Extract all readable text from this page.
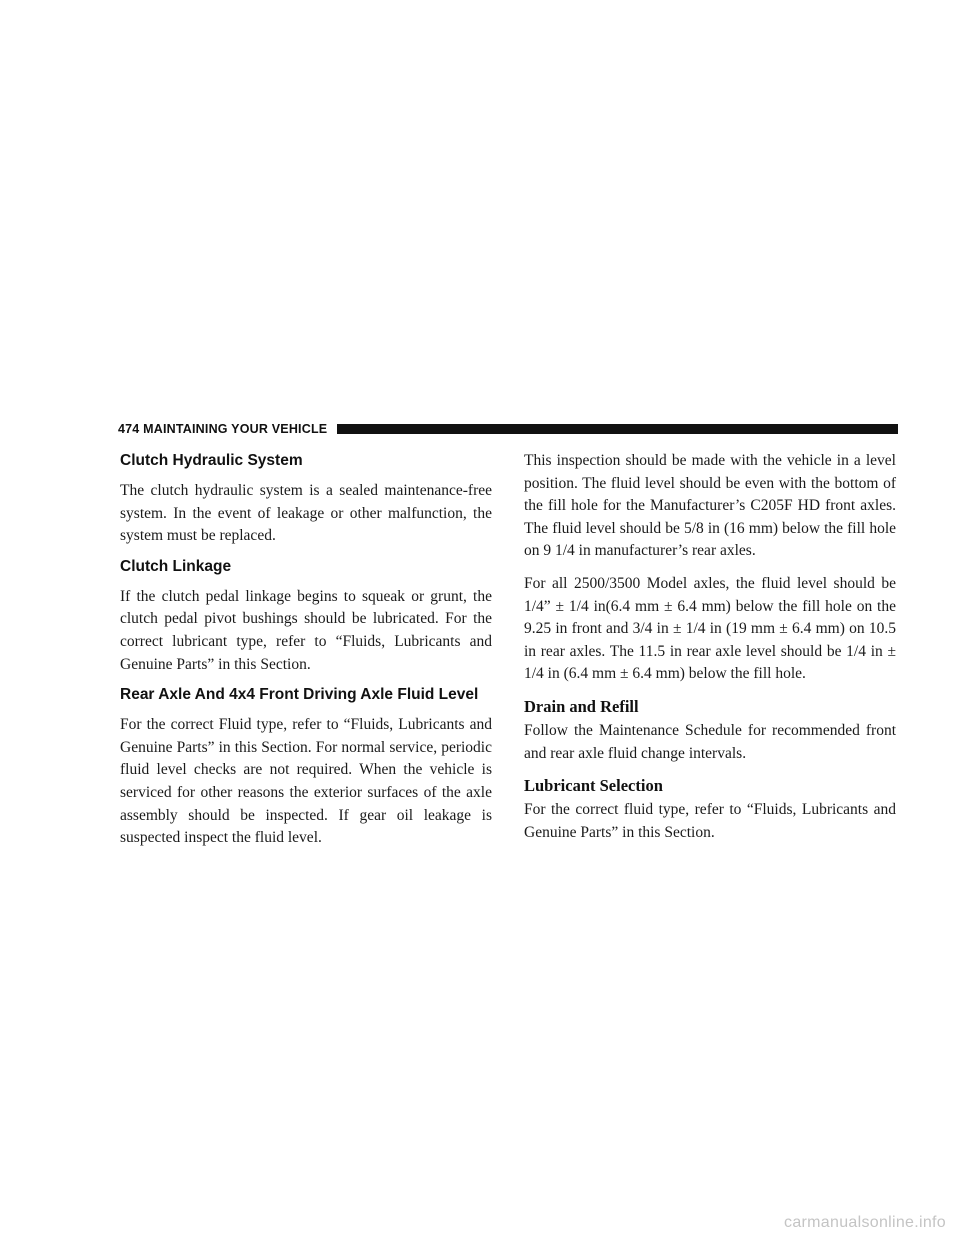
474 MAINTAINING YOUR VEHICLE
Clutch Hydraulic System

The clutch hydraulic system is a sealed maintenance-free system. In the event of leakage or other malfunction, the system must be replaced.

Clutch Linkage

If the clutch pedal linkage begins to squeak or grunt, the clutch pedal pivot bushings should be lubricated. For the correct lubricant type, refer to “Fluids, Lubricants and Genuine Parts” in this Section.

Rear Axle And 4x4 Front Driving Axle Fluid Level

For the correct Fluid type, refer to “Fluids, Lubricants and Genuine Parts” in this Section. For normal service, periodic fluid level checks are not required. When the vehicle is serviced for other reasons the exterior surfaces of the axle assembly should be inspected. If gear oil leakage is suspected inspect the fluid level.

This inspection should be made with the vehicle in a level position. The fluid level should be even with the bottom of the fill hole for the Manufacturer’s C205F HD front axles. The fluid level should be 5/8 in (16 mm) below the fill hole on 9 1/4 in manufacturer’s rear axles.

For all 2500/3500 Model axles, the fluid level should be 1/4” ± 1/4 in(6.4 mm ± 6.4 mm) below the fill hole on the 9.25 in front and 3/4 in ± 1/4 in (19 mm ± 6.4 mm) on 10.5 in rear axles. The 11.5 in rear axle level should be 1/4 in ± 1/4 in (6.4 mm ± 6.4 mm) below the fill hole.

Drain and Refill

Follow the Maintenance Schedule for recommended front and rear axle fluid change intervals.

Lubricant Selection

For the correct fluid type, refer to “Fluids, Lubricants and Genuine Parts” in this Section.

carmanualsonline.info
